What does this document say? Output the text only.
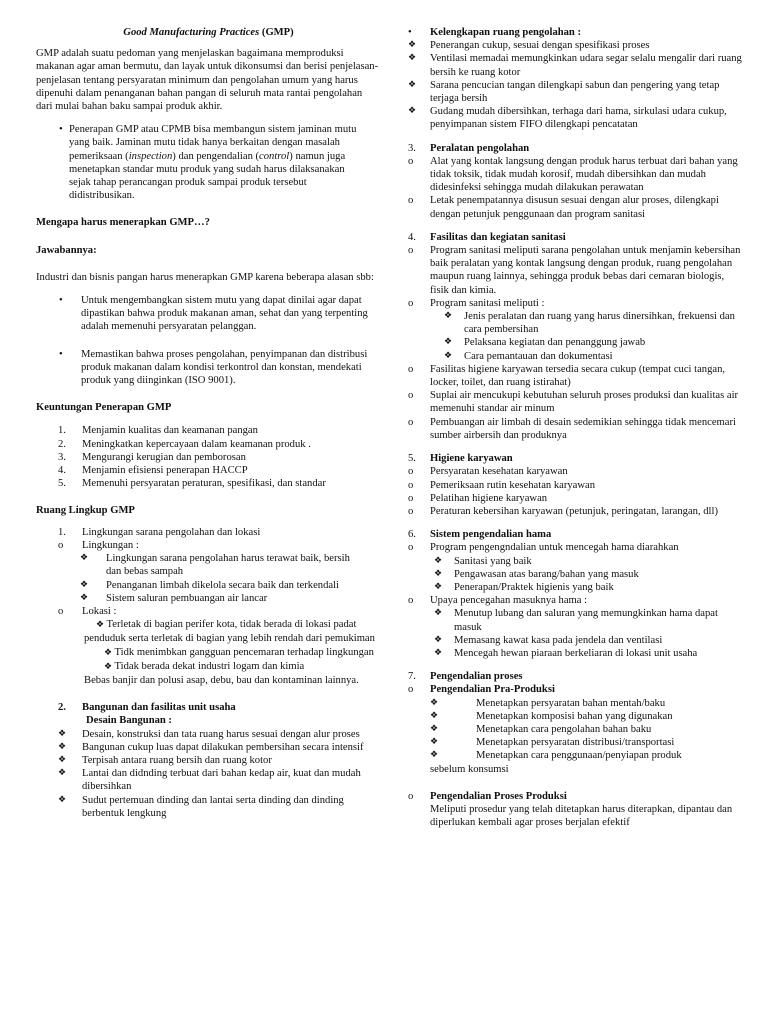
Good Manufacturing Practices (GMP)

GMP adalah suatu pedoman yang menjelaskan bagaimana memproduksi makanan agar aman bermutu, dan layak untuk dikonsumsi dan berisi penjelasan-penjelasan tentang persyaratan minimum dan pengolahan umum yang harus dipenuhi dalam penanganan bahan pangan di seluruh mata rantai pengolahan dari mulai bahan baku sampai produk akhir.

• Penerapan GMP atau CPMB bisa membangun sistem jaminan mutu yang baik. Jaminan mutu tidak hanya berkaitan dengan masalah pemeriksaan (inspection) dan pengendalian (control) namun juga menetapkan standar mutu produk yang sudah harus dilaksanakan sejak tahap perancangan produk sampai produk tersebut didistribusikan.

Mengapa harus menerapkan GMP…?

Jawabannya:

Industri dan bisnis pangan harus menerapkan GMP karena beberapa alasan sbb:

•	Untuk mengembangkan sistem mutu yang dapat dinilai agar dapat dipastikan bahwa produk makanan aman, sehat dan yang terpenting adalah memenuhi persyaratan pelanggan.
•	Memastikan bahwa proses pengolahan, penyimpanan dan distribusi produk makanan dalam kondisi terkontrol dan konstan, mendekati produk yang diinginkan (ISO 9001).

Keuntungan Penerapan GMP

1.	Menjamin kualitas dan keamanan pangan
2.	Meningkatkan kepercayaan dalam keamanan produk .
3.	Mengurangi kerugian dan pemborosan
4.	Menjamin efisiensi penerapan HACCP
5.	Memenuhi persyaratan peraturan, spesifikasi, dan standar

Ruang Lingkup GMP

1.	Lingkungan sarana pengolahan dan lokasi
o	Lingkungan :
❖	Lingkungan sarana pengolahan harus terawat baik, bersih dan bebas sampah
❖	Penanganan limbah dikelola secara baik dan terkendali
❖	Sistem saluran pembuangan air lancar
o	Lokasi :

❖ Terletak di bagian perifer kota, tidak berada di lokasi padat penduduk serta terletak di bagian yang lebih rendah dari pemukiman

❖ Tidk menimbkan gangguan pencemaran terhadap lingkungan

❖ Tidak berada dekat industri logam dan kimia

Bebas banjir dan polusi asap, debu, bau dan kontaminan lainnya.

2.	Bangunan dan fasilitas unit usaha

Desain Bangunan :

❖	Desain, konstruksi dan tata ruang harus sesuai dengan alur proses
❖	Bangunan cukup luas dapat dilakukan pembersihan secara intensif
❖	Terpisah antara ruang bersih dan ruang kotor
❖	Lantai dan didnding terbuat dari bahan kedap air, kuat dan mudah dibersihkan
❖	Sudut pertemuan dinding dan lantai serta dinding dan dinding berbentuk lengkung
•	Kelengkapan ruang pengolahan :
❖	Penerangan cukup, sesuai dengan spesifikasi proses
❖	Ventilasi memadai memungkinkan udara segar selalu mengalir dari ruang bersih ke ruang kotor
❖	Sarana pencucian tangan dilengkapi sabun dan pengering yang tetap terjaga bersih
❖	Gudang mudah dibersihkan, terhaga dari hama, sirkulasi udara cukup, penyimpanan sistem FIFO dilengkapi pencatatan
3.	Peralatan pengolahan
o	Alat yang kontak langsung dengan produk harus terbuat dari bahan yang tidak toksik, tidak mudah korosif, mudah dibersihkan dan mudah didesinfeksi sehingga mudah dilakukan perawatan
o	Letak penempatannya disusun sesuai dengan alur proses, dilengkapi dengan petunjuk penggunaan dan program sanitasi
4.	Fasilitas dan kegiatan sanitasi
o	Program sanitasi meliputi sarana pengolahan untuk menjamin kebersihan baik peralatan yang kontak langsung dengan produk, ruang pengolahan maupun ruang lainnya, sehingga produk bebas dari cemaran biologis, fisik dan kimia.
o	Program sanitasi meliputi :
❖	Jenis peralatan dan ruang yang harus dinersihkan, frekuensi dan cara pembersihan
❖	Pelaksana kegiatan dan penanggung jawab
❖	Cara pemantauan dan dokumentasi
o	Fasilitas higiene karyawan tersedia secara cukup (tempat cuci tangan, locker, toilet, dan ruang istirahat)
o	Suplai air mencukupi kebutuhan seluruh proses produksi dan kualitas air memenuhi standar air minum
o	Pembuangan air limbah di desain sedemikian sehingga tidak mencemari sumber airbersih dan produknya
5.	Higiene karyawan
o	Persyaratan kesehatan karyawan
o	Pemeriksaan rutin kesehatan karyawan
o	Pelatihan higiene karyawan
o	Peraturan kebersihan karyawan (petunjuk, peringatan, larangan, dll)
6.	Sistem pengendalian hama
o	Program pengengndalian untuk mencegah hama diarahkan
❖	Sanitasi yang baik
❖	Pengawasan atas barang/bahan yang masuk
❖	Penerapan/Praktek higienis yang baik
o	Upaya pencegahan masuknya hama :
❖	Menutup lubang dan saluran yang memungkinkan hama dapat masuk
❖	Memasang kawat kasa pada jendela dan ventilasi
❖	Mencegah hewan piaraan berkeliaran di lokasi unit usaha
7.	Pengendalian proses
o	Pengendalian Pra-Produksi
❖	Menetapkan persyaratan bahan mentah/baku
❖	Menetapkan komposisi bahan yang digunakan
❖	Menetapkan cara pengolahan bahan baku
❖	Menetapkan persyaratan distribusi/transportasi
❖	Menetapkan cara penggunaan/penyiapan produk

sebelum konsumsi

o	Pengendalian Proses Produksi

Meliputi prosedur yang telah ditetapkan harus diterapkan, dipantau dan diperlukan kembali agar proses berjalan efektif
